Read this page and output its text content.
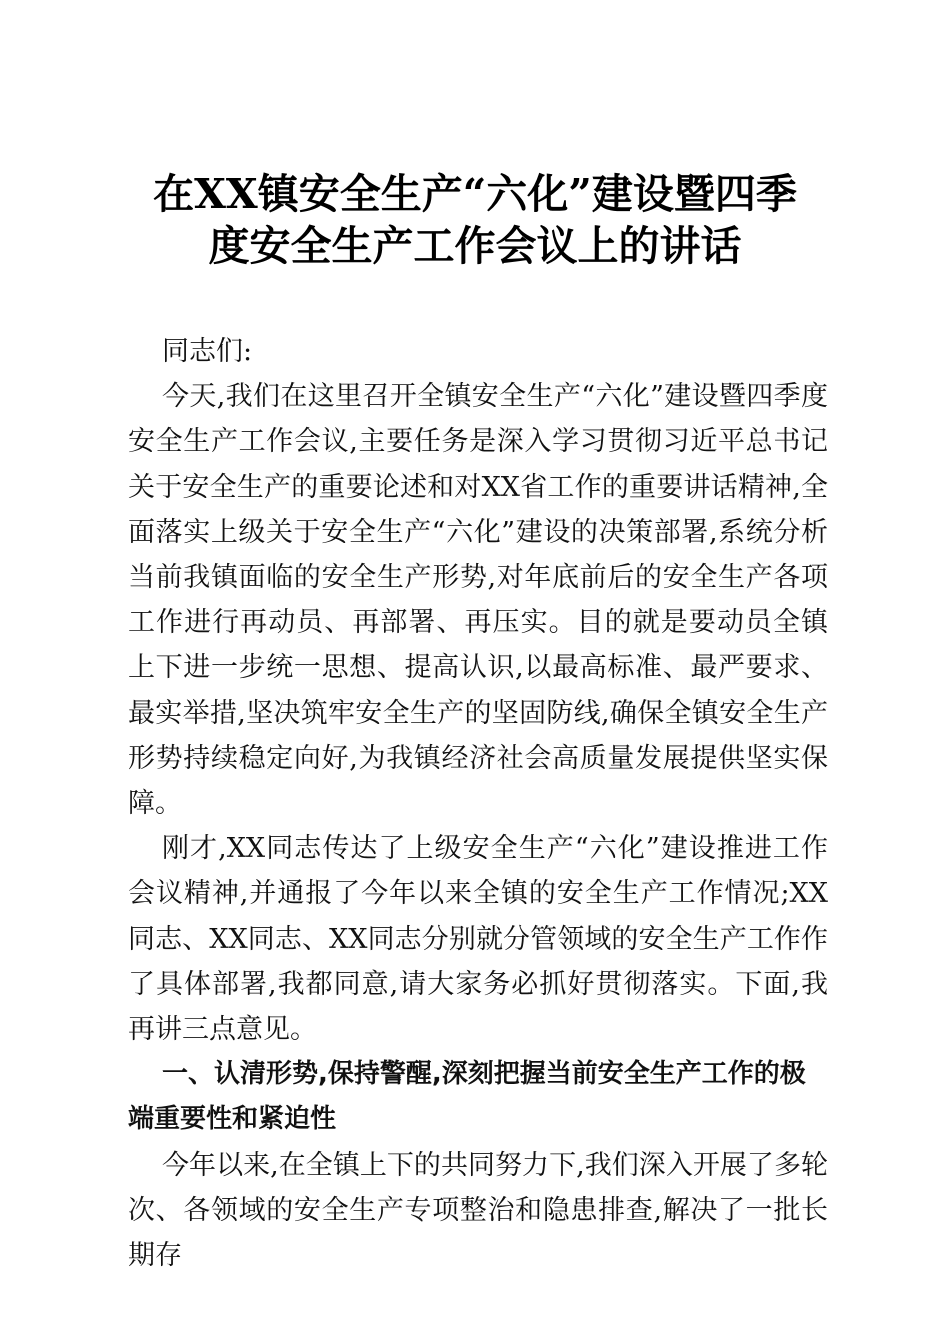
在XX镇安全生产“六化”建设暨四季
度安全生产工作会议上的讲话

同志们:

今天,我们在这里召开全镇安全生产“六化”建设暨四季度安全生产工作会议,主要任务是深入学习贯彻习近平总书记关于安全生产的重要论述和对XX省工作的重要讲话精神,全面落实上级关于安全生产“六化”建设的决策部署,系统分析当前我镇面临的安全生产形势,对年底前后的安全生产各项工作进行再动员、再部署、再压实。目的就是要动员全镇上下进一步统一思想、提高认识,以最高标准、最严要求、最实举措,坚决筑牢安全生产的坚固防线,确保全镇安全生产形势持续稳定向好,为我镇经济社会高质量发展提供坚实保障。

刚才,XX同志传达了上级安全生产“六化”建设推进工作会议精神,并通报了今年以来全镇的安全生产工作情况;XX同志、XX同志、XX同志分别就分管领域的安全生产工作作了具体部署,我都同意,请大家务必抓好贯彻落实。下面,我再讲三点意见。

一、认清形势,保持警醒,深刻把握当前安全生产工作的极端重要性和紧迫性

今年以来,在全镇上下的共同努力下,我们深入开展了多轮次、各领域的安全生产专项整治和隐患排查,解决了一批长期存
